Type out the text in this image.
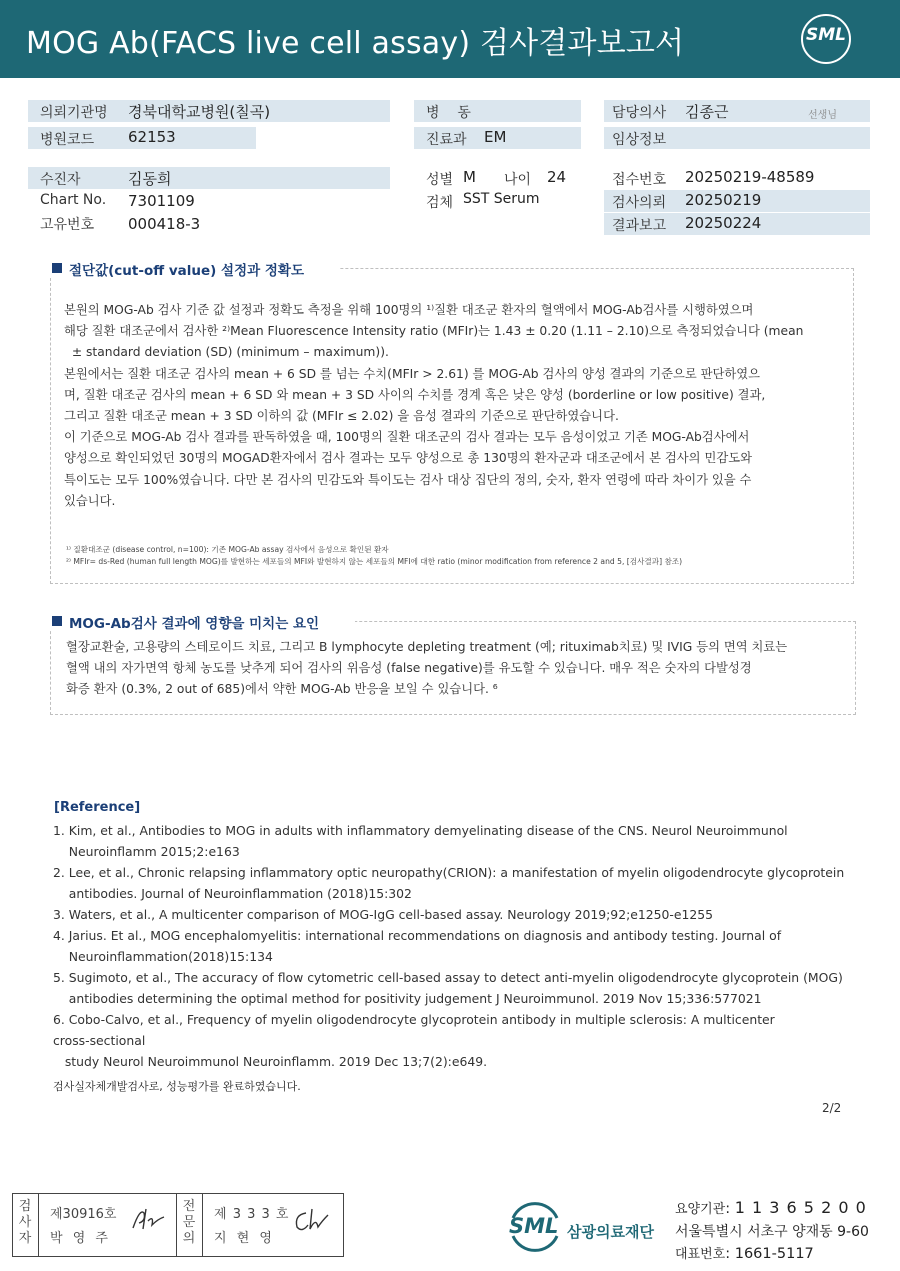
MOG Ab(FACS live cell assay) 검사결과보고서	SML
의뢰기관명 경북대학교병원(칠곡)
병원코드 62153
수진자	김동희
Chart No. 7301109
고유번호 000418-3
병    동
진료과 EM
성별 M 나이 24
검체 SST Serum
담당의사 김종근	선생님
임상정보
접수번호 20250219-48589
검사의뢰 20250219
결과보고 20250224
절단값(cut-off value) 설정과 정확도
본원의 MOG-Ab 검사 기준 값 설정과 정확도 측정을 위해 100명의 ¹⁾질환 대조군 환자의 혈액에서 MOG-Ab검사를 시행하였으며
해당 질환 대조군에서 검사한 ²⁾Mean Fluorescence Intensity ratio (MFIr)는 1.43 ± 0.20 (1.11 – 2.10)으로 측정되었습니다 (mean
± standard deviation (SD) (minimum – maximum)).
본원에서는 질환 대조군 검사의 mean + 6 SD 를 넘는 수치(MFIr > 2.61) 를 MOG-Ab 검사의 양성 결과의 기준으로 판단하였으
며, 질환 대조군 검사의 mean + 6 SD 와 mean + 3 SD 사이의 수치를 경계 혹은 낮은 양성 (borderline or low positive) 결과,
그리고 질환 대조군 mean + 3 SD 이하의 값 (MFIr ≤ 2.02) 을 음성 결과의 기준으로 판단하였습니다.
이 기준으로 MOG-Ab 검사 결과를 판독하였을 때, 100명의 질환 대조군의 검사 결과는 모두 음성이었고 기존 MOG-Ab검사에서
양성으로 확인되었던 30명의 MOGAD환자에서 검사 결과는 모두 양성으로 총 130명의 환자군과 대조군에서 본 검사의 민감도와
특이도는 모두 100%였습니다. 다만 본 검사의 민감도와 특이도는 검사 대상 집단의 정의, 숫자, 환자 연령에 따라 차이가 있을 수
있습니다.
¹⁾ 질환대조군 (disease control, n=100): 기존 MOG-Ab assay 검사에서 음성으로 확인된 환자
²⁾ MFIr= ds-Red (human full length MOG)를 발현하는 세포들의 MFI와 발현하지 않는 세포들의 MFI에 대한 ratio (minor modification from reference 2 and 5, [검사결과] 참조)
MOG-Ab검사 결과에 영향을 미치는 요인
혈장교환술, 고용량의 스테로이드 치료, 그리고 B lymphocyte depleting treatment (예; rituximab치료) 및 IVIG 등의 면역 치료는
혈액 내의 자가면역 항체 농도를 낮추게 되어 검사의 위음성 (false negative)를 유도할 수 있습니다. 매우 적은 숫자의 다발성경
화증 환자 (0.3%, 2 out of 685)에서 약한 MOG-Ab 반응을 보일 수 있습니다. ⁶
[Reference]
1. Kim, et al., Antibodies to MOG in adults with inflammatory demyelinating disease of the CNS. Neurol Neuroimmunol
Neuroinflamm 2015;2:e163
2. Lee, et al., Chronic relapsing inflammatory optic neuropathy(CRION): a manifestation of myelin oligodendrocyte glycoprotein
antibodies. Journal of Neuroinflammation (2018)15:302
3. Waters, et al., A multicenter comparison of MOG-IgG cell-based assay. Neurology 2019;92;e1250-e1255
4. Jarius. Et al., MOG encephalomyelitis: international recommendations on diagnosis and antibody testing. Journal of
Neuroinflammation(2018)15:134
5. Sugimoto, et al., The accuracy of flow cytometric cell-based assay to detect anti-myelin oligodendrocyte glycoprotein (MOG)
antibodies determining the optimal method for positivity judgement J Neuroimmunol. 2019 Nov 15;336:577021
6. Cobo-Calvo, et al., Frequency of myelin oligodendrocyte glycoprotein antibody in multiple sclerosis: A multicenter
cross-sectional
study Neurol Neuroimmunol Neuroinflamm. 2019 Dec 13;7(2):e649.
검사실자체개발검사로, 성능평가를 완료하였습니다.
2/2
검
사
자
제30916호
박 영 주
전
문
의
제 3 3 3 호
지 현 영
SML 삼광의료재단
요양기관: 1 1 3 6 5 2 0 0
서울특별시 서초구 양재동 9-60
대표번호: 1661-5117
